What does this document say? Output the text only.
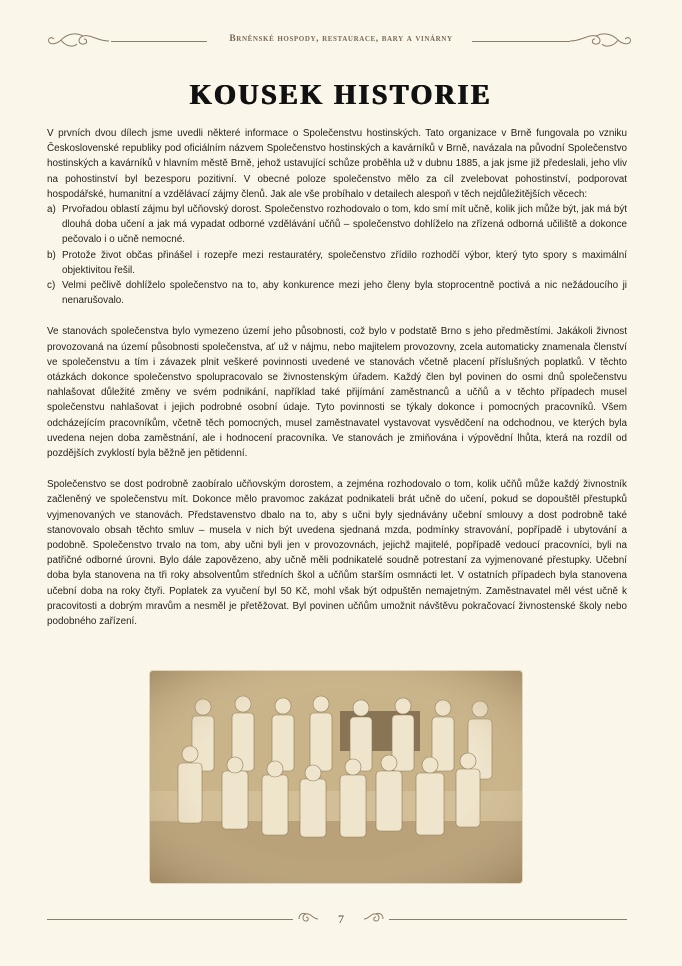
Brněnské hospody, restaurace, bary a vinárny
KOUSEK HISTORIE

V prvních dvou dílech jsme uvedli některé informace o Společenstvu hostinských. Tato organizace v Brně fungovala po vzniku Československé republiky pod oficiálním názvem Společenstvo hostinských a kavárníků v Brně, navázala na původní Společenstvo hostinských a kavárníků v hlavním městě Brně, jehož ustavující schůze proběhla už v dubnu 1885, a jak jsme již předeslali, jeho vliv na pohostinství byl bezesporu pozitivní. V obecné poloze společenstvo mělo za cíl zvelebovat pohostinství, podporovat hospodářské, humanitní a vzdělávací zájmy členů. Jak ale vše probíhalo v detailech alespoň v těch nejdůležitějších věcech:

a) Prvořadou oblastí zájmu byl učňovský dorost. Společenstvo rozhodovalo o tom, kdo smí mít učně, kolik jich může být, jak má být dlouhá doba učení a jak má vypadat odborné vzdělávání učňů – společenstvo dohlíželo na zřízená odborná učiliště a dokonce pečovalo i o učně nemocné.
b) Protože život občas přinášel i rozepře mezi restauratéry, společenstvo zřídilo rozhodčí výbor, který tyto spory s maximální objektivitou řešil.
c) Velmi pečlivě dohlíželo společenstvo na to, aby konkurence mezi jeho členy byla stoprocentně poctivá a nic nežádoucího ji nenarušovalo.

Ve stanovách společenstva bylo vymezeno území jeho působnosti, což bylo v podstatě Brno s jeho předměstími. Jakákoli živnost provozovaná na území působnosti společenstva, ať už v nájmu, nebo majitelem provozovny, zcela automaticky znamenala členství ve společenstvu a tím i závazek plnit veškeré povinnosti uvedené ve stanovách včetně placení příslušných poplatků. V těchto otázkách dokonce společenstvo spolupracovalo se živnostenským úřadem. Každý člen byl povinen do osmi dnů společenstvu nahlašovat důležité změny ve svém podnikání, například také přijímání zaměstnanců a učňů a v těchto případech musel společenstvu nahlašovat i jejich podrobné osobní údaje. Tyto povinnosti se týkaly dokonce i pomocných pracovníků. Všem odcházejícím pracovníkům, včetně těch pomocných, musel zaměstnavatel vystavovat vysvědčení na odchodnou, ve kterých byla uvedena nejen doba zaměstnání, ale i hodnocení pracovníka. Ve stanovách je zmiňována i výpovědní lhůta, která na rozdíl od pozdějších zvyklostí byla běžně jen pětidenní.

Společenstvo se dost podrobně zaobíralo učňovským dorostem, a zejména rozhodovalo o tom, kolik učňů může každý živnostník začleněný ve společenstvu mít. Dokonce mělo pravomoc zakázat podnikateli brát učně do učení, pokud se dopouštěl přestupků vyjmenovaných ve stanovách. Představenstvo dbalo na to, aby s učni byly sjednávány učební smlouvy a dost podrobně také stanovovalo obsah těchto smluv – musela v nich být uvedena sjednaná mzda, podmínky stravování, popřípadě i ubytování a podobně. Společenstvo trvalo na tom, aby učni byli jen v provozovnách, jejichž majitelé, popřípadě vedoucí pracovníci, byli na patřičné odborné úrovni. Bylo dále zapovězeno, aby učně měli podnikatelé soudně potrestaní za vyjmenované přestupky. Učební doba byla stanovena na tři roky absolventům středních škol a učňům starším osmnácti let. V ostatních případech byla stanovena učební doba na roky čtyři. Poplatek za vyučení byl 50 Kč, mohl však být odpuštěn nemajetným. Zaměstnavatel měl vést učně k pracovitosti a dobrým mravům a nesměl je přetěžovat. Byl povinen učňům umožnit návštěvu pokračovací živnostenské školy nebo podobného zařízení.

7
